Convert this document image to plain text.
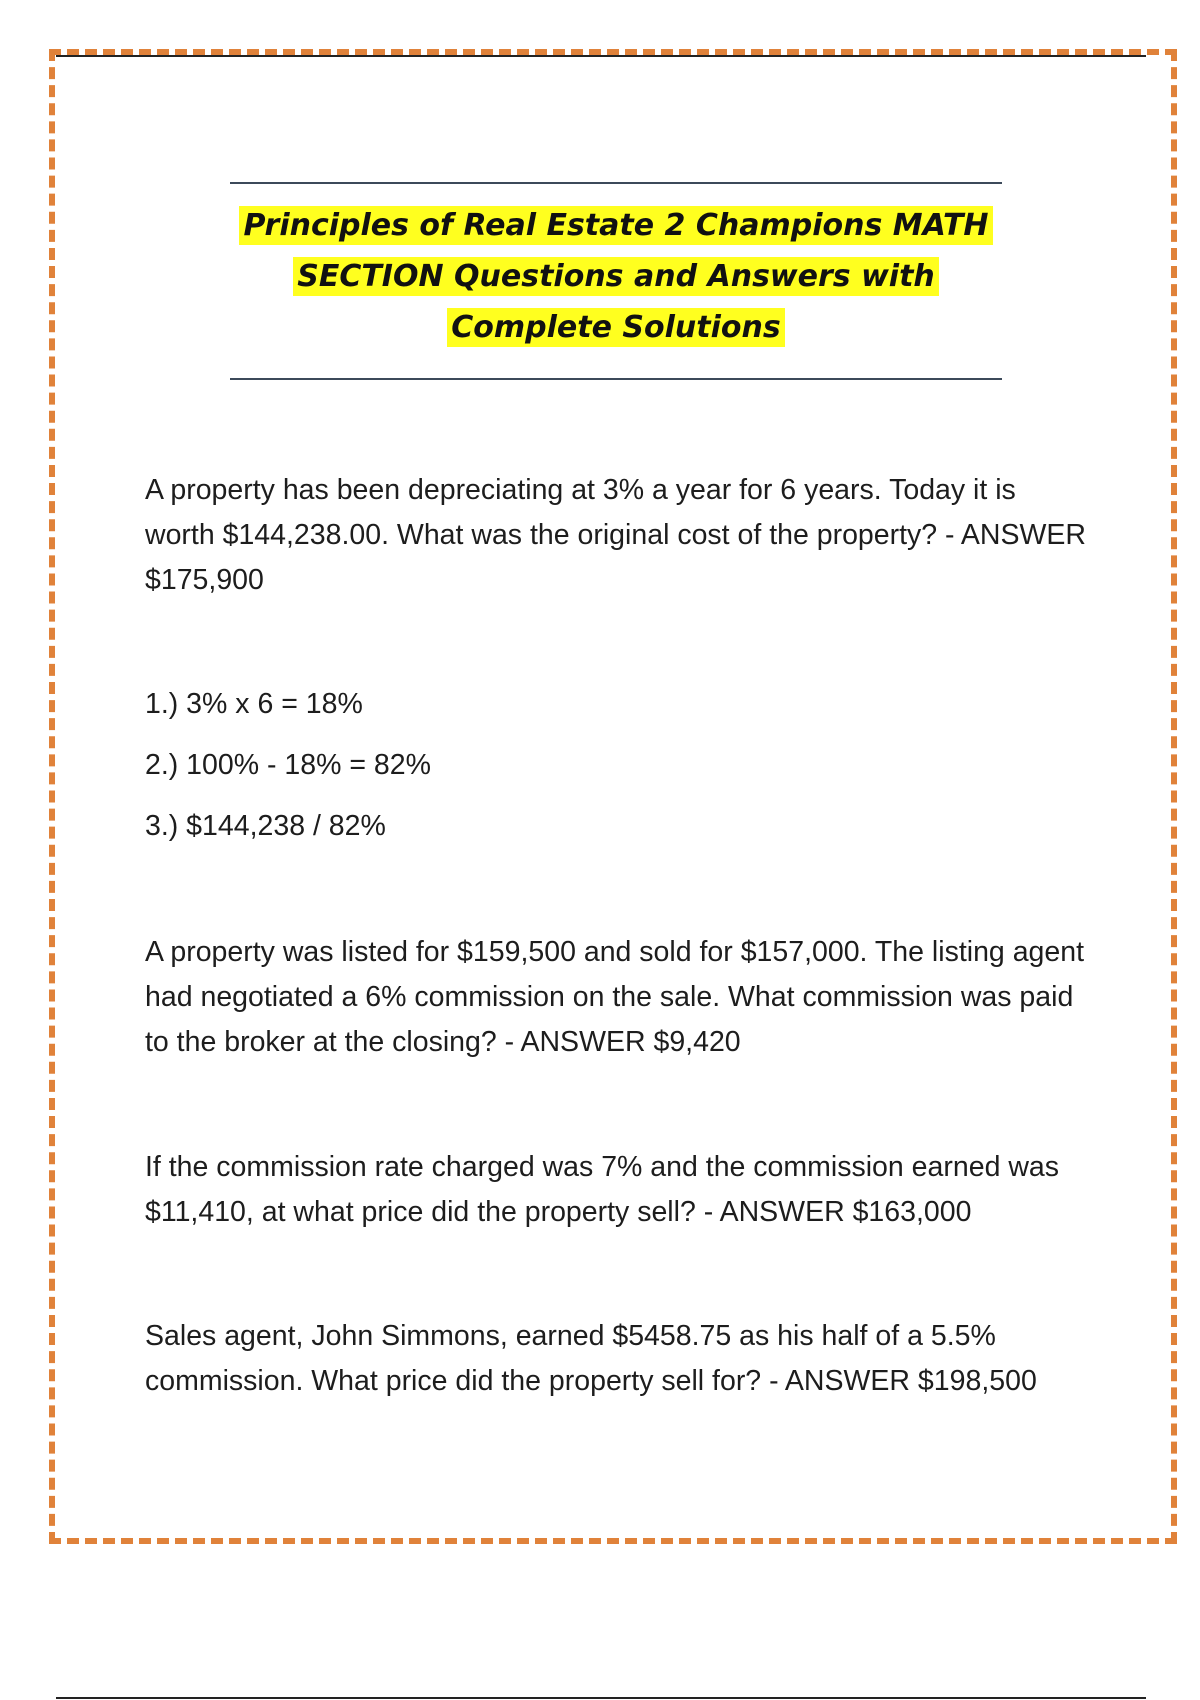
Principles of Real Estate 2 Champions MATH SECTION Questions and Answers with Complete Solutions
A property has been depreciating at 3% a year for 6 years. Today it is worth $144,238.00. What was the original cost of the property? - ANSWER $175,900
1.) 3% x 6 = 18%
2.) 100% - 18% = 82%
3.) $144,238 / 82%
A property was listed for $159,500 and sold for $157,000. The listing agent had negotiated a 6% commission on the sale. What commission was paid to the broker at the closing? - ANSWER $9,420
If the commission rate charged was 7% and the commission earned was $11,410, at what price did the property sell? - ANSWER $163,000
Sales agent, John Simmons, earned $5458.75 as his half of a 5.5% commission. What price did the property sell for? - ANSWER $198,500
